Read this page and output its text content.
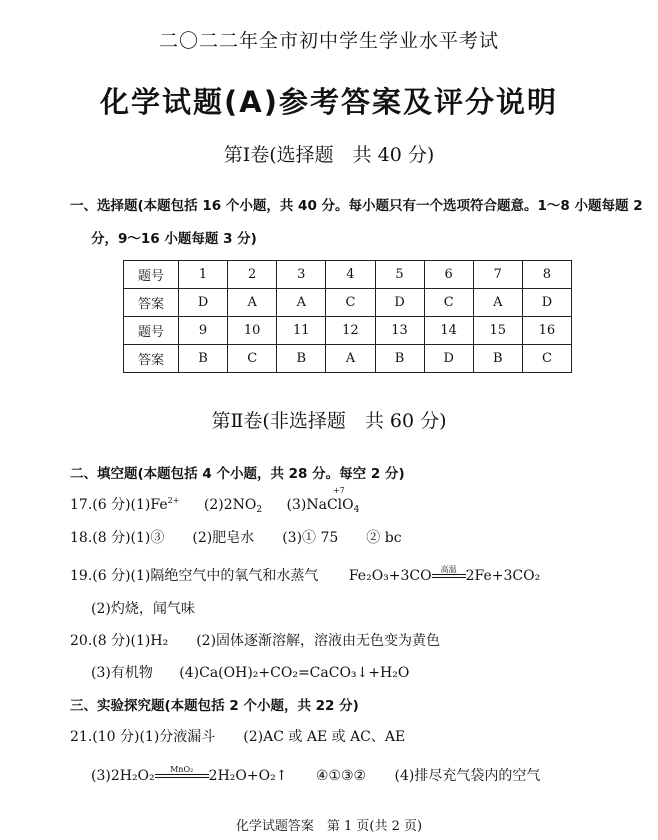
二〇二二年全市初中学生学业水平考试
化学试题(A)参考答案及评分说明
第Ⅰ卷(选择题　共 40 分)
一、选择题(本题包括 16 个小题，共 40 分。每小题只有一个选项符合题意。1～8 小题每题 2
分，9～16 小题每题 3 分)
题号	1	2	3	4	5	6	7	8
答案	D	A	A	C	D	C	A	D
题号	9	10	11	12	13	14	15	16
答案	B	C	B	A	B	D	B	C
第Ⅱ卷(非选择题　共 60 分)
二、填空题(本题包括 4 个小题，共 28 分。每空 2 分)
17.(6 分)$(1)Fe^{2+}$ $(2)2NO_2$
+7
(3)NaClO$_4$
18.(8 分)(1)③　　(2)肥皂水　　(3)① 75　　② bc
19.(6 分)(1)隔绝空气中的氧气和水蒸气 Fe₂O₃+3CO	高温 2Fe+3CO₂
(2)灼烧，闻气味
20.(8 分)(1)H₂　　(2)固体逐渐溶解，溶液由无色变为黄色
(3)有机物 (4)Ca(OH)₂+CO₂=CaCO₃↓+H₂O
三、实验探究题(本题包括 2 个小题，共 22 分)
21.(10 分)(1)分液漏斗　　(2)AC 或 AE 或 AC、AE
(3)2H₂O₂	MnO₂	2H₂O+O₂↑ ④①③② (4)排尽充气袋内的空气
化学试题答案　第 1 页(共 2 页)
